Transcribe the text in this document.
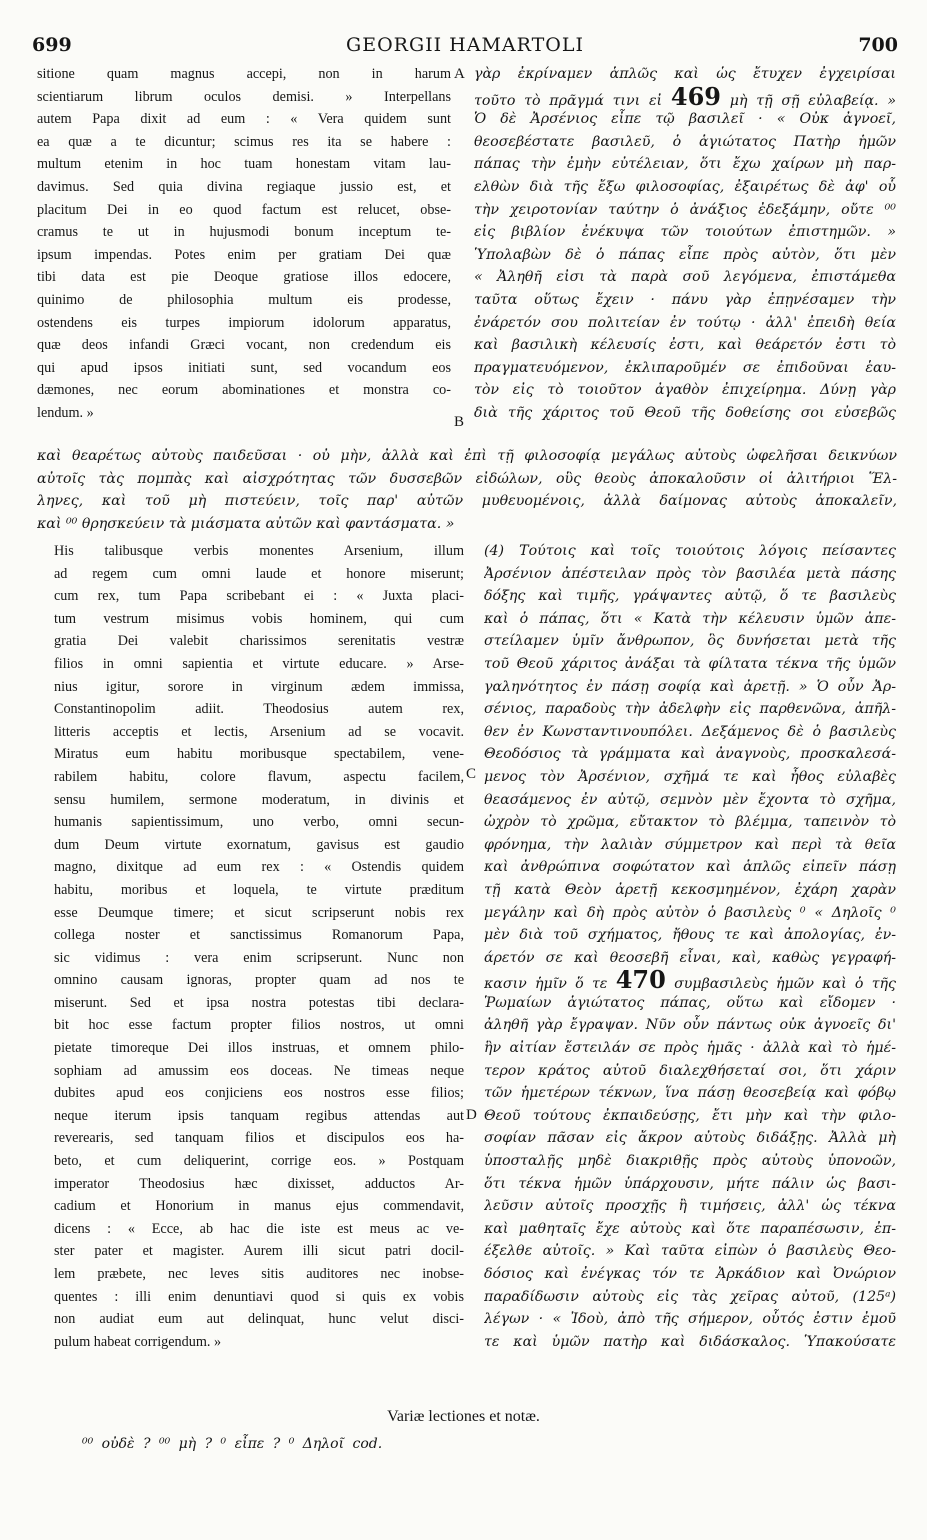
699	GEORGII HAMARTOLI	700
A
B
C
D
sitione quam magnus accepi, non in harum
scientiarum librum oculos demisi. » Interpellans
autem Papa dixit ad eum : « Vera quidem sunt
ea quæ a te dicuntur; scimus res ita se habere :
multum etenim in hoc tuam honestam vitam lau-
davimus. Sed quia divina regiaque jussio est, et
placitum Dei in eo quod factum est relucet, obse-
cramus te ut in hujusmodi bonum inceptum te-
ipsum impendas. Potes enim per gratiam Dei quæ
tibi data est pie Deoque gratiose illos edocere,
quinimo de philosophia multum eis prodesse,
ostendens eis turpes impiorum idolorum apparatus,
quæ deos infandi Græci vocant, non credendum eis
qui apud ipsos initiati sunt, sed vocandum eos
dæmones, nec eorum abominationes et monstra co-
lendum. »
γὰρ ἐκρίναμεν ἁπλῶς καὶ ὡς ἔτυχεν ἐγχειρίσαι
τοῦτο τὸ πρᾶγμά τινι εἰ 469 μὴ τῇ σῇ εὐλαβείᾳ. »
Ὁ δὲ Ἀρσένιος εἶπε τῷ βασιλεῖ · « Οὐκ ἀγνοεῖ,
θεοσεβέστατε βασιλεῦ, ὁ ἁγιώτατος Πατὴρ ἡμῶν
πάπας τὴν ἐμὴν εὐτέλειαν, ὅτι ἔχω χαίρων μὴ παρ-
ελθὼν διὰ τῆς ἔξω φιλοσοφίας, ἐξαιρέτως δὲ ἀφ' οὗ
τὴν χειροτονίαν ταύτην ὁ ἀνάξιος ἐδεξάμην, οὔτε ⁰⁰
εἰς βιβλίον ἐνέκυψα τῶν τοιούτων ἐπιστημῶν. »
Ὑπολαβὼν δὲ ὁ πάπας εἶπε πρὸς αὐτὸν, ὅτι μὲν
« Ἀληθῆ εἰσι τὰ παρὰ σοῦ λεγόμενα, ἐπιστάμεθα
ταῦτα οὕτως ἔχειν · πάνυ γὰρ ἐπῃνέσαμεν τὴν
ἐνάρετόν σου πολιτείαν ἐν τούτῳ · ἀλλ' ἐπειδὴ θεία
καὶ βασιλικὴ κέλευσίς ἐστι, καὶ θεάρετόν ἐστι τὸ
πραγματευόμενον, ἐκλιπαροῦμέν σε ἐπιδοῦναι ἑαυ-
τὸν εἰς τὸ τοιοῦτον ἀγαθὸν ἐπιχείρημα. Δύνῃ γὰρ
διὰ τῆς χάριτος τοῦ Θεοῦ τῆς δοθείσης σοι εὐσεβῶς
καὶ θεαρέτως αὐτοὺς παιδεῦσαι · οὐ μὴν, ἀλλὰ καὶ ἐπὶ τῇ φιλοσοφίᾳ μεγάλως αὐτοὺς ὠφελῆσαι δεικνύων
αὐτοῖς τὰς πομπὰς καὶ αἰσχρότητας τῶν δυσσεβῶν εἰδώλων, οὓς θεοὺς ἀποκαλοῦσιν οἱ ἀλιτήριοι Ἕλ-
ληνες, καὶ τοῦ μὴ πιστεύειν, τοῖς παρ' αὐτῶν μυθευομένοις, ἀλλὰ δαίμονας αὐτοὺς ἀποκαλεῖν,
καὶ ⁰⁰ θρησκεύειν τὰ μιάσματα αὐτῶν καὶ φαντάσματα. »
His talibusque verbis monentes Arsenium, illum
ad regem cum omni laude et honore miserunt;
cum rex, tum Papa scribebant ei : « Juxta placi-
tum vestrum misimus vobis hominem, qui cum
gratia Dei valebit charissimos serenitatis vestræ
filios in omni sapientia et virtute educare. » Arse-
nius igitur, sorore in virginum ædem immissa,
Constantinopolim adiit. Theodosius autem rex,
litteris acceptis et lectis, Arsenium ad se vocavit.
Miratus eum habitu moribusque spectabilem, vene-
rabilem habitu, colore flavum, aspectu facilem,
sensu humilem, sermone moderatum, in divinis et
humanis sapientissimum, uno verbo, omni secun-
dum Deum virtute exornatum, gavisus est gaudio
magno, dixitque ad eum rex : « Ostendis quidem
habitu, moribus et loquela, te virtute præditum
esse Deumque timere; et sicut scripserunt nobis rex
collega noster et sanctissimus Romanorum Papa,
sic vidimus : vera enim scripserunt. Nunc non
omnino causam ignoras, propter quam ad nos te
miserunt. Sed et ipsa nostra potestas tibi declara-
bit hoc esse factum propter filios nostros, ut omni
pietate timoreque Dei illos instruas, et omnem philo-
sophiam ad amussim eos doceas. Ne timeas neque
dubites apud eos conjiciens eos nostros esse filios;
neque iterum ipsis tanquam regibus attendas aut
reverearis, sed tanquam filios et discipulos eos ha-
beto, et cum deliquerint, corrige eos. » Postquam
imperator Theodosius hæc dixisset, adductos Ar-
cadium et Honorium in manus ejus commendavit,
dicens : « Ecce, ab hac die iste est meus ac ve-
ster pater et magister. Aurem illi sicut patri docil-
lem præbete, nec leves sitis auditores nec inobse-
quentes : illi enim denuntiavi quod si quis ex vobis
non audiat eum aut delinquat, hunc velut disci-
pulum habeat corrigendum. »
(4) Τούτοις καὶ τοῖς τοιούτοις λόγοις πείσαντες
Ἀρσένιον ἀπέστειλαν πρὸς τὸν βασιλέα μετὰ πάσης
δόξης καὶ τιμῆς, γράψαντες αὐτῷ, ὅ τε βασιλεὺς
καὶ ὁ πάπας, ὅτι « Κατὰ τὴν κέλευσιν ὑμῶν ἀπε-
στείλαμεν ὑμῖν ἄνθρωπον, ὃς δυνήσεται μετὰ τῆς
τοῦ Θεοῦ χάριτος ἀνάξαι τὰ φίλτατα τέκνα τῆς ὑμῶν
γαληνότητος ἐν πάσῃ σοφίᾳ καὶ ἀρετῇ. » Ὁ οὖν Ἀρ-
σένιος, παραδοὺς τὴν ἀδελφὴν εἰς παρθενῶνα, ἀπῆλ-
θεν ἐν Κωνσταντινουπόλει. Δεξάμενος δὲ ὁ βασιλεὺς
Θεοδόσιος τὰ γράμματα καὶ ἀναγνοὺς, προσκαλεσά-
μενος τὸν Ἀρσένιον, σχῆμά τε καὶ ἦθος εὐλαβὲς
θεασάμενος ἐν αὐτῷ, σεμνὸν μὲν ἔχοντα τὸ σχῆμα,
ὠχρὸν τὸ χρῶμα, εὔτακτον τὸ βλέμμα, ταπεινὸν τὸ
φρόνημα, τὴν λαλιὰν σύμμετρον καὶ περὶ τὰ θεῖα
καὶ ἀνθρώπινα σοφώτατον καὶ ἁπλῶς εἰπεῖν πάσῃ
τῇ κατὰ Θεὸν ἀρετῇ κεκοσμημένον, ἐχάρη χαρὰν
μεγάλην καὶ δὴ πρὸς αὐτὸν ὁ βασιλεὺς ⁰ « Δηλοῖς ⁰
μὲν διὰ τοῦ σχήματος, ἤθους τε καὶ ἀπολογίας, ἐν-
άρετόν σε καὶ θεοσεβῆ εἶναι, καὶ, καθὼς γεγραφή-
κασιν ἡμῖν ὅ τε 470 συμβασιλεὺς ἡμῶν καὶ ὁ τῆς
Ῥωμαίων ἁγιώτατος πάπας, οὕτω καὶ εἴδομεν ·
ἀληθῆ γὰρ ἔγραψαν. Νῦν οὖν πάντως οὐκ ἀγνοεῖς δι'
ἣν αἰτίαν ἔστειλάν σε πρὸς ἡμᾶς · ἀλλὰ καὶ τὸ ἡμέ-
τερον κράτος αὐτοῦ διαλεχθήσεταί σοι, ὅτι χάριν
τῶν ἡμετέρων τέκνων, ἵνα πάσῃ θεοσεβείᾳ καὶ φόβῳ
Θεοῦ τούτους ἐκπαιδεύσῃς, ἔτι μὴν καὶ τὴν φιλο-
σοφίαν πᾶσαν εἰς ἄκρον αὐτοὺς διδάξῃς. Ἀλλὰ μὴ
ὑποσταλῇς μηδὲ διακριθῇς πρὸς αὐτοὺς ὑπονοῶν,
ὅτι τέκνα ἡμῶν ὑπάρχουσιν, μήτε πάλιν ὡς βασι-
λεῦσιν αὐτοῖς προσχῇς ἢ τιμήσεις, ἀλλ' ὡς τέκνα
καὶ μαθηταῖς ἔχε αὐτοὺς καὶ ὅτε παραπέσωσιν, ἐπ-
έξελθε αὐτοῖς. » Καὶ ταῦτα εἰπὼν ὁ βασιλεὺς Θεο-
δόσιος καὶ ἐνέγκας τόν τε Ἀρκάδιον καὶ Ὀνώριον
παραδίδωσιν αὐτοὺς εἰς τὰς χεῖρας αὐτοῦ, (125ᵃ)
λέγων · « Ἰδοὺ, ἀπὸ τῆς σήμερον, οὗτός ἐστιν ἐμοῦ
τε καὶ ὑμῶν πατὴρ καὶ διδάσκαλος. Ὑπακούσατε
Variæ lectiones et notæ.
⁰⁰ οὐδὲ ? ⁰⁰ μὴ ? ⁰ εἶπε ? ⁰ Δηλοῖ cod.
